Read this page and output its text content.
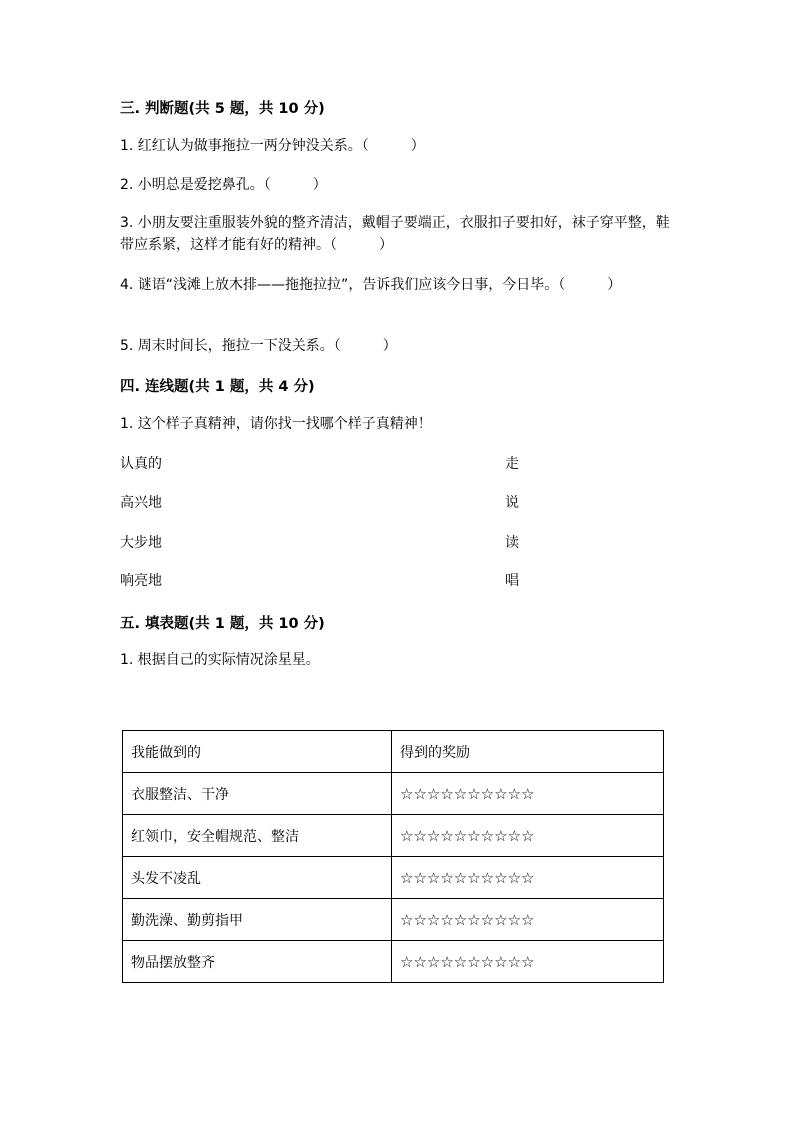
三. 判断题(共 5 题，共 10 分)
1. 红红认为做事拖拉一两分钟没关系。（　　　）
2. 小明总是爱挖鼻孔。（　　　）
3. 小朋友要注重服装外貌的整齐清洁，戴帽子要端正，衣服扣子要扣好，袜子穿平整，鞋带应系紧，这样才能有好的精神。（　　　）
4. 谜语“浅滩上放木排——拖拖拉拉”，告诉我们应该今日事，今日毕。（　　　）
5. 周末时间长，拖拉一下没关系。（　　　）
四. 连线题(共 1 题，共 4 分)
1. 这个样子真精神，请你找一找哪个样子真精神！
认真的	走
高兴地	说
大步地	读
响亮地	唱
五. 填表题(共 1 题，共 10 分)
1. 根据自己的实际情况涂星星。
我能做到的	得到的奖励
衣服整洁、干净	☆☆☆☆☆☆☆☆☆☆
红领巾，安全帽规范、整洁	☆☆☆☆☆☆☆☆☆☆
头发不凌乱	☆☆☆☆☆☆☆☆☆☆
勤洗澡、勤剪指甲	☆☆☆☆☆☆☆☆☆☆
物品摆放整齐	☆☆☆☆☆☆☆☆☆☆
